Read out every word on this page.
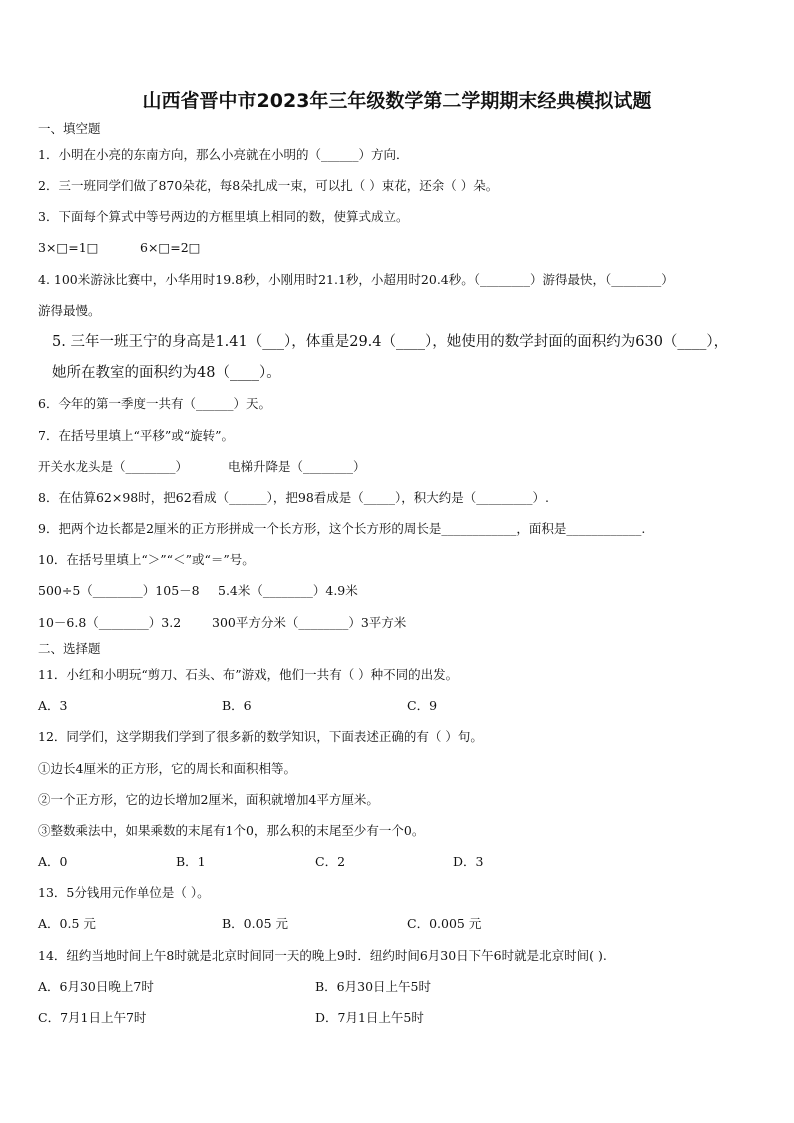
山西省晋中市2023年三年级数学第二学期期末经典模拟试题
一、填空题
1．小明在小亮的东南方向，那么小亮就在小明的（______）方向．
2．三一班同学们做了870朵花，每8朵扎成一束，可以扎（ ）束花，还余（ ）朵。
3．下面每个算式中等号两边的方框里填上相同的数，使算式成立。
3×□=1□	6×□=2□
4. 100米游泳比赛中，小华用时19.8秒，小刚用时21.1秒，小超用时20.4秒。（________）游得最快，（________）
游得最慢。
5. 三年一班王宁的身高是1.41（___），体重是29.4（____），她使用的数学封面的面积约为630（____），
她所在教室的面积约为48（____）。
6．今年的第一季度一共有（______）天。
7．在括号里填上“平移”或“旋转”。
开关水龙头是（________）	电梯升降是（________）
8．在估算62×98时，把62看成（______），把98看成是（_____），积大约是（_________）.
9．把两个边长都是2厘米的正方形拼成一个长方形，这个长方形的周长是____________，面积是____________.
10．在括号里填上“＞”“＜”或“＝”号。
500÷5（________）105－8 5.4米（________）4.9米
10－6.8（________）3.2 300平方分米（________）3平方米
二、选择题
11．小红和小明玩“剪刀、石头、布”游戏，他们一共有（ ）种不同的出发。
A．3	B．6	C．9
12．同学们，这学期我们学到了很多新的数学知识，下面表述正确的有（ ）句。
①边长4厘米的正方形，它的周长和面积相等。
②一个正方形，它的边长增加2厘米，面积就增加4平方厘米。
③整数乘法中，如果乘数的末尾有1个0，那么积的末尾至少有一个0。
A．0	B．1	C．2	D．3
13．5分钱用元作单位是（ ）。
A．0.5 元	B．0.05 元	C．0.005 元
14．纽约当地时间上午8时就是北京时间同一天的晚上9时．纽约时间6月30日下午6时就是北京时间( ).
A．6月30日晚上7时	B．6月30日上午5时
C．7月1日上午7时	D．7月1日上午5时
